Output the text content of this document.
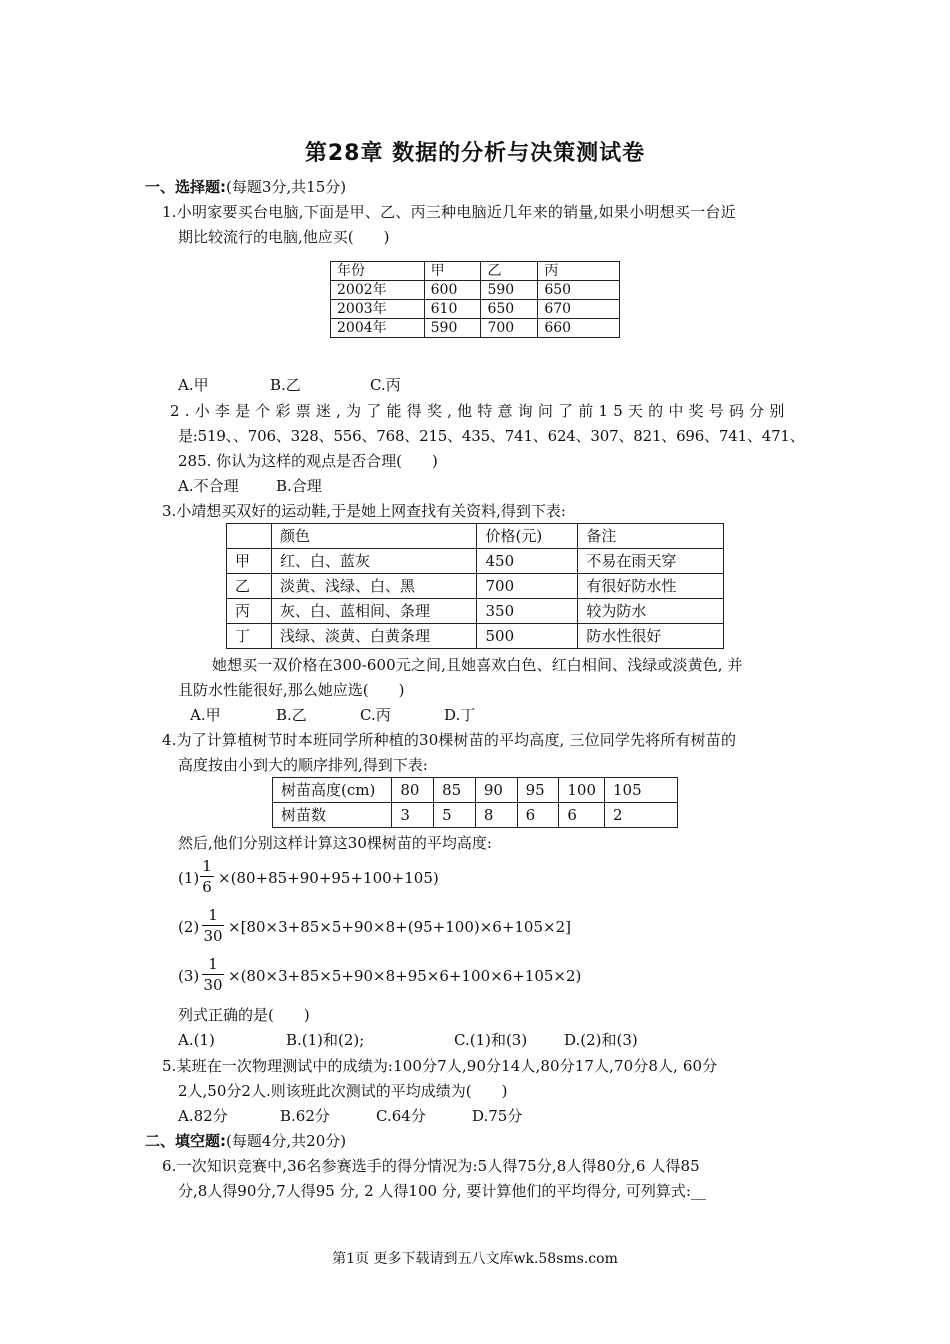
第28章 数据的分析与决策测试卷
一、选择题:(每题3分,共15分)
1.小明家要买台电脑,下面是甲、乙、丙三种电脑近几年来的销量,如果小明想买一台近
期比较流行的电脑,他应买(　　)
年份	甲	乙	丙
2002年	600	590	650
2003年	610	650	670
2004年	590	700	660
A.甲	B.乙	C.丙
2.小李是个彩票迷,为了能得奖,他特意询问了前15天的中奖号码分别
是:519、、706、328、556、768、215、435、741、624、307、821、696、741、471、
285. 你认为这样的观点是否合理(　　)
A.不合理 B.合理
3.小靖想买双好的运动鞋,于是她上网查找有关资料,得到下表:
	颜色	价格(元)	备注
甲	红、白、蓝灰	450	不易在雨天穿
乙	淡黄、浅绿、白、黑	700	有很好防水性
丙	灰、白、蓝相间、条理	350	较为防水
丁	浅绿、淡黄、白黄条理	500	防水性很好
她想买一双价格在300-600元之间,且她喜欢白色、红白相间、浅绿或淡黄色, 并
且防水性能很好,那么她应选(　　)
A.甲	B.乙	C.丙	D.丁
4.为了计算植树节时本班同学所种植的30棵树苗的平均高度, 三位同学先将所有树苗的
高度按由小到大的顺序排列,得到下表:
树苗高度(cm)	80	85	90	95	100	105
树苗数	3	5	8	6	6	2
然后,他们分别这样计算这30棵树苗的平均高度:
(1)
1
6 ×(80+85+90+95+100+105)
(2)
1
30 ×[80×3+85×5+90×8+(95+100)×6+105×2]
(3)
1
30 ×(80×3+85×5+90×8+95×6+100×6+105×2)
列式正确的是(　　)
A.(1)	B.(1)和(2);	C.(1)和(3) D.(2)和(3)
5.某班在一次物理测试中的成绩为:100分7人,90分14人,80分17人,70分8人, 60分
2人,50分2人.则该班此次测试的平均成绩为(　　)
A.82分	B.62分	C.64分	D.75分
二、填空题:(每题4分,共20分)
6.一次知识竞赛中,36名参赛选手的得分情况为:5人得75分,8人得80分,6 人得85
分,8人得90分,7人得95 分, 2 人得100 分, 要计算他们的平均得分, 可列算式:__
第1页 更多下载请到五八文库wk.58sms.com
